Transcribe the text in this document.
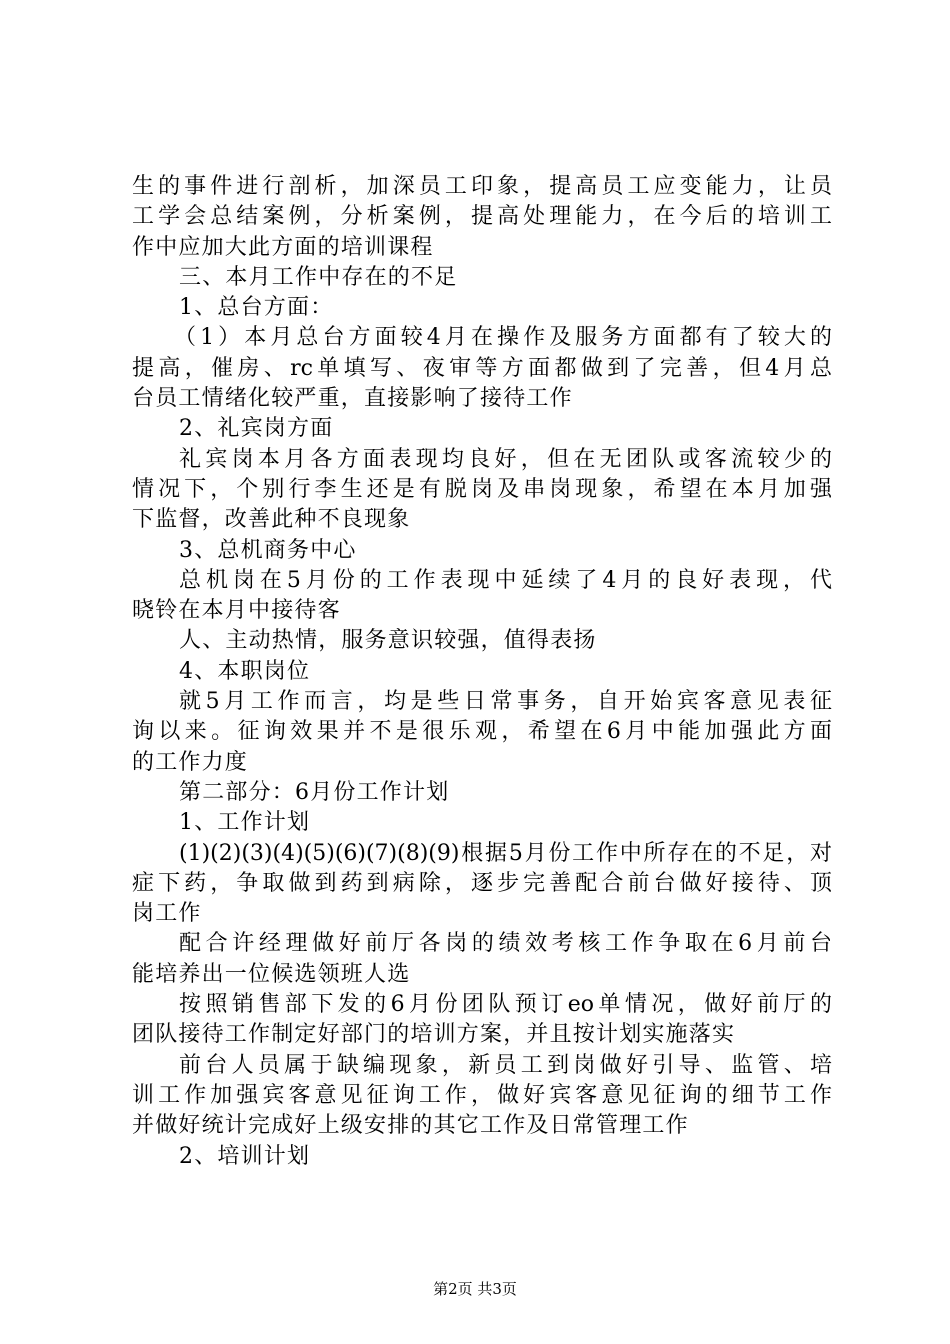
生的事件进行剖析，加深员工印象，提高员工应变能力，让员
工学会总结案例，分析案例，提高处理能力，在今后的培训工
作中应加大此方面的培训课程
三、本月工作中存在的不足
1、总台方面：
（1）本月总台方面较4月在操作及服务方面都有了较大的
提高，催房、rc单填写、夜审等方面都做到了完善，但4月总
台员工情绪化较严重，直接影响了接待工作
2、礼宾岗方面
礼宾岗本月各方面表现均良好，但在无团队或客流较少的
情况下，个别行李生还是有脱岗及串岗现象，希望在本月加强
下监督，改善此种不良现象
3、总机商务中心
总机岗在5月份的工作表现中延续了4月的良好表现，代
晓铃在本月中接待客
人、主动热情，服务意识较强，值得表扬
4、本职岗位
就5月工作而言，均是些日常事务，自开始宾客意见表征
询以来。征询效果并不是很乐观，希望在6月中能加强此方面
的工作力度
第二部分：6月份工作计划
1、工作计划
(1)(2)(3)(4)(5)(6)(7)(8)(9)根据5月份工作中所存在的不足，对
症下药，争取做到药到病除，逐步完善配合前台做好接待、顶
岗工作
配合许经理做好前厅各岗的绩效考核工作争取在6月前台
能培养出一位候选领班人选
按照销售部下发的6月份团队预订eo单情况，做好前厅的
团队接待工作制定好部门的培训方案，并且按计划实施落实
前台人员属于缺编现象，新员工到岗做好引导、监管、培
训工作加强宾客意见征询工作，做好宾客意见征询的细节工作
并做好统计完成好上级安排的其它工作及日常管理工作
2、培训计划
第2页 共3页
